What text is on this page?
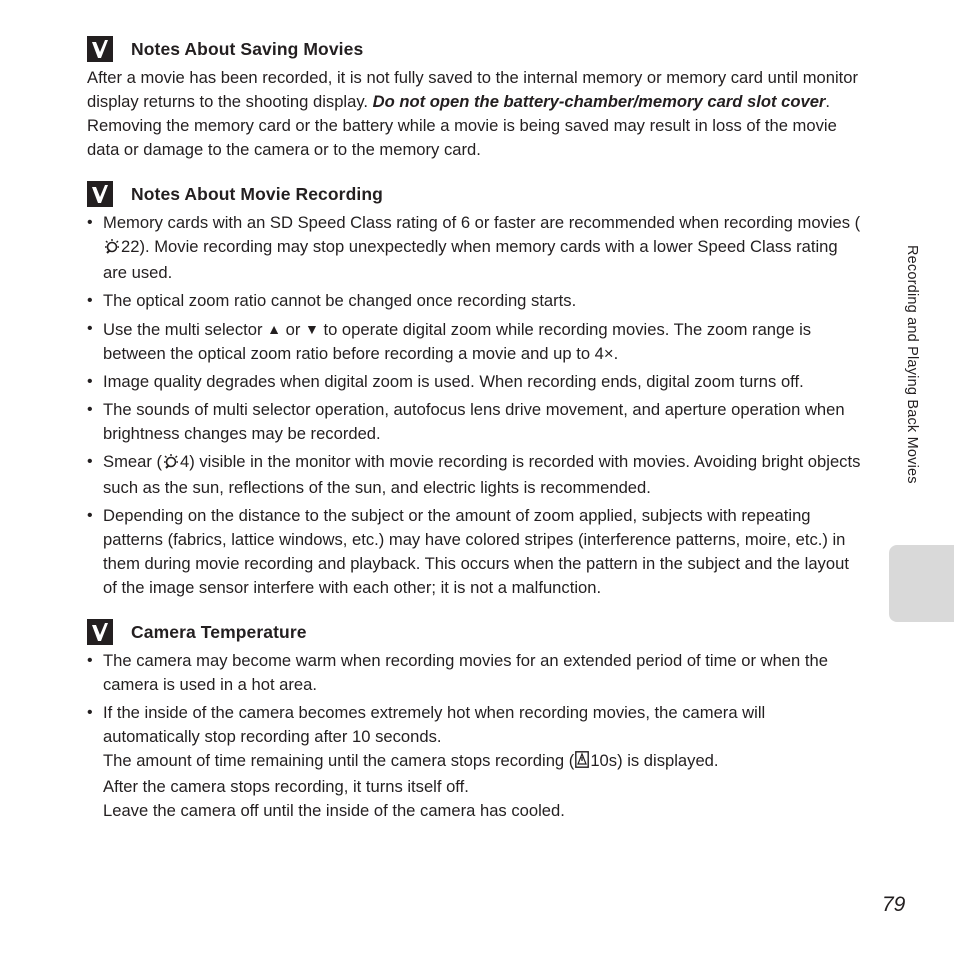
Notes About Saving Movies

After a movie has been recorded, it is not fully saved to the internal memory or memory card until monitor display returns to the shooting display. Do not open the battery-chamber/memory card slot cover. Removing the memory card or the battery while a movie is being saved may result in loss of the movie data or damage to the camera or to the memory card.

Notes About Movie Recording
• Memory cards with an SD Speed Class rating of 6 or faster are recommended when recording movies (22). Movie recording may stop unexpectedly when memory cards with a lower Speed Class rating are used.
• The optical zoom ratio cannot be changed once recording starts.
• Use the multi selector ▲ or ▼ to operate digital zoom while recording movies. The zoom range is between the optical zoom ratio before recording a movie and up to 4×.
• Image quality degrades when digital zoom is used. When recording ends, digital zoom turns off.
• The sounds of multi selector operation, autofocus lens drive movement, and aperture operation when brightness changes may be recorded.
• Smear ( 4) visible in the monitor with movie recording is recorded with movies. Avoiding bright objects such as the sun, reflections of the sun, and electric lights is recommended.
• Depending on the distance to the subject or the amount of zoom applied, subjects with repeating patterns (fabrics, lattice windows, etc.) may have colored stripes (interference patterns, moire, etc.) in them during movie recording and playback. This occurs when the pattern in the subject and the layout of the image sensor interfere with each other; it is not a malfunction.
Camera Temperature
• The camera may become warm when recording movies for an extended period of time or when the camera is used in a hot area.
• If the inside of the camera becomes extremely hot when recording movies, the camera will automatically stop recording after 10 seconds.
The amount of time remaining until the camera stops recording ( 10s) is displayed.
After the camera stops recording, it turns itself off.
Leave the camera off until the inside of the camera has cooled.
Recording and Playing Back Movies
79
